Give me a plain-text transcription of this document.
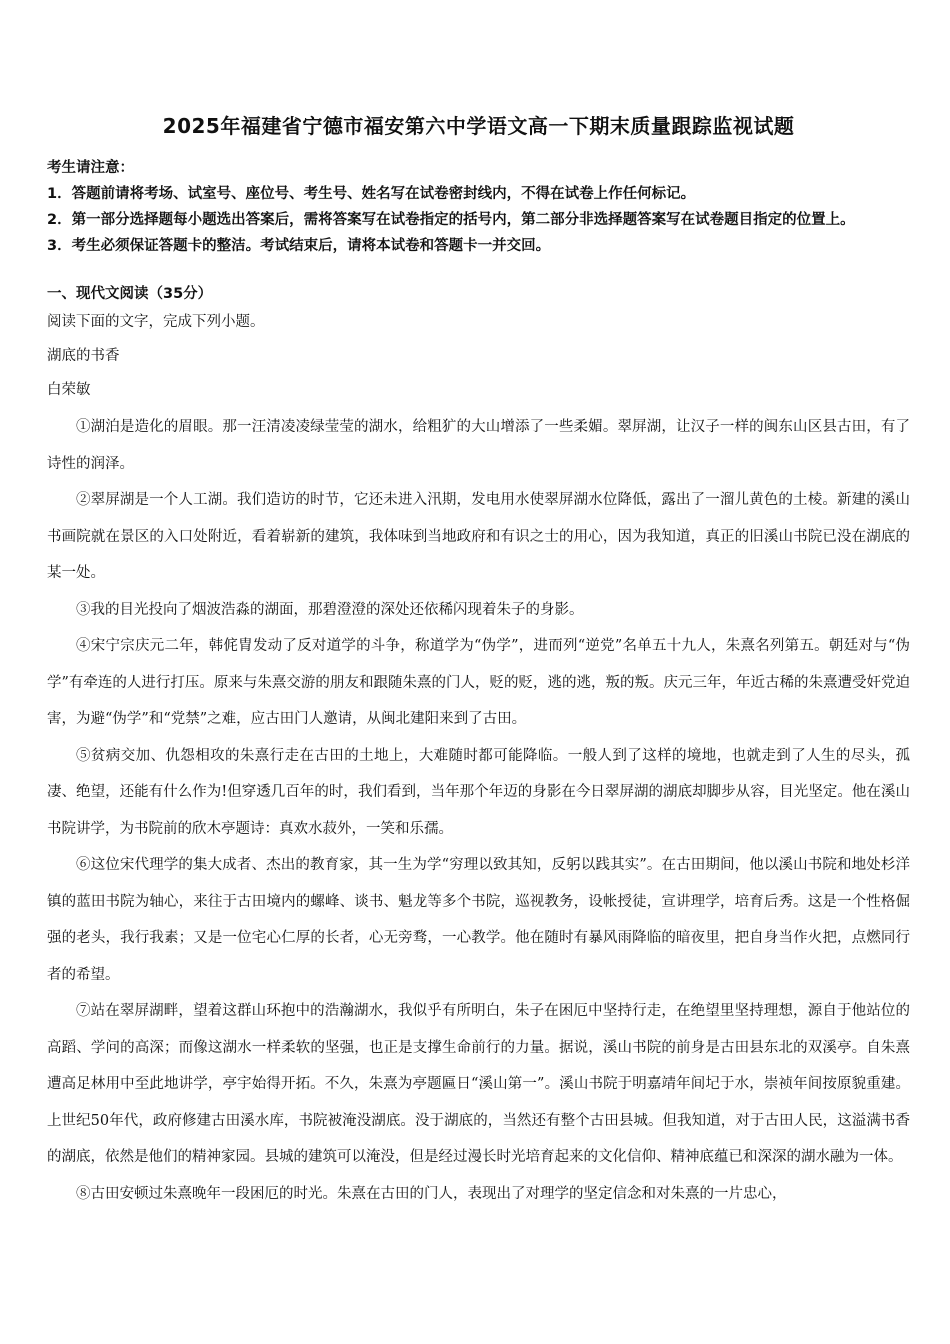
2025年福建省宁德市福安第六中学语文高一下期末质量跟踪监视试题

考生请注意：

1．答题前请将考场、试室号、座位号、考生号、姓名写在试卷密封线内，不得在试卷上作任何标记。

2．第一部分选择题每小题选出答案后，需将答案写在试卷指定的括号内，第二部分非选择题答案写在试卷题目指定的位置上。

3．考生必须保证答题卡的整洁。考试结束后，请将本试卷和答题卡一并交回。

一、现代文阅读（35分）
阅读下面的文字，完成下列小题。
湖底的书香
白荣敏

①湖泊是造化的眉眼。那一汪清凌凌绿莹莹的湖水，给粗犷的大山增添了一些柔媚。翠屏湖，让汉子一样的闽东山区县古田，有了诗性的润泽。

②翠屏湖是一个人工湖。我们造访的时节，它还未进入汛期，发电用水使翠屏湖水位降低，露出了一溜儿黄色的土棱。新建的溪山书画院就在景区的入口处附近，看着崭新的建筑，我体味到当地政府和有识之士的用心，因为我知道，真正的旧溪山书院已没在湖底的某一处。

③我的目光投向了烟波浩淼的湖面，那碧澄澄的深处还依稀闪现着朱子的身影。

④宋宁宗庆元二年，韩侂胄发动了反对道学的斗争，称道学为“伪学”，进而列“逆党”名单五十九人，朱熹名列第五。朝廷对与“伪学”有牵连的人进行打压。原来与朱熹交游的朋友和跟随朱熹的门人，贬的贬，逃的逃，叛的叛。庆元三年，年近古稀的朱熹遭受奸党迫害，为避“伪学”和“党禁”之难，应古田门人邀请，从闽北建阳来到了古田。

⑤贫病交加、仇怨相攻的朱熹行走在古田的土地上，大难随时都可能降临。一般人到了这样的境地，也就走到了人生的尽头，孤凄、绝望，还能有什么作为!但穿透几百年的时，我们看到，当年那个年迈的身影在今日翠屏湖的湖底却脚步从容，目光坚定。他在溪山书院讲学，为书院前的欣木亭题诗：真欢水菽外，一笑和乐孺。

⑥这位宋代理学的集大成者、杰出的教育家，其一生为学“穷理以致其知，反躬以践其实”。在古田期间，他以溪山书院和地处杉洋镇的蓝田书院为轴心，来往于古田境内的螺峰、谈书、魁龙等多个书院，巡视教务，设帐授徒，宣讲理学，培育后秀。这是一个性格倔强的老头，我行我素；又是一位宅心仁厚的长者，心无旁骛，一心教学。他在随时有暴风雨降临的暗夜里，把自身当作火把，点燃同行者的希望。

⑦站在翠屏湖畔，望着这群山环抱中的浩瀚湖水，我似乎有所明白，朱子在困厄中坚持行走，在绝望里坚持理想，源自于他站位的高蹈、学问的高深；而像这湖水一样柔软的坚强，也正是支撑生命前行的力量。据说，溪山书院的前身是古田县东北的双溪亭。自朱熹遭高足林用中至此地讲学，亭宇始得开拓。不久，朱熹为亭题匾日“溪山第一”。溪山书院于明嘉靖年间圮于水，崇祯年间按原貌重建。上世纪50年代，政府修建古田溪水库，书院被淹没湖底。没于湖底的，当然还有整个古田县城。但我知道，对于古田人民，这溢满书香的湖底，依然是他们的精神家园。县城的建筑可以淹没，但是经过漫长时光培育起来的文化信仰、精神底蕴已和深深的湖水融为一体。

⑧古田安顿过朱熹晚年一段困厄的时光。朱熹在古田的门人，表现出了对理学的坚定信念和对朱熹的一片忠心，
